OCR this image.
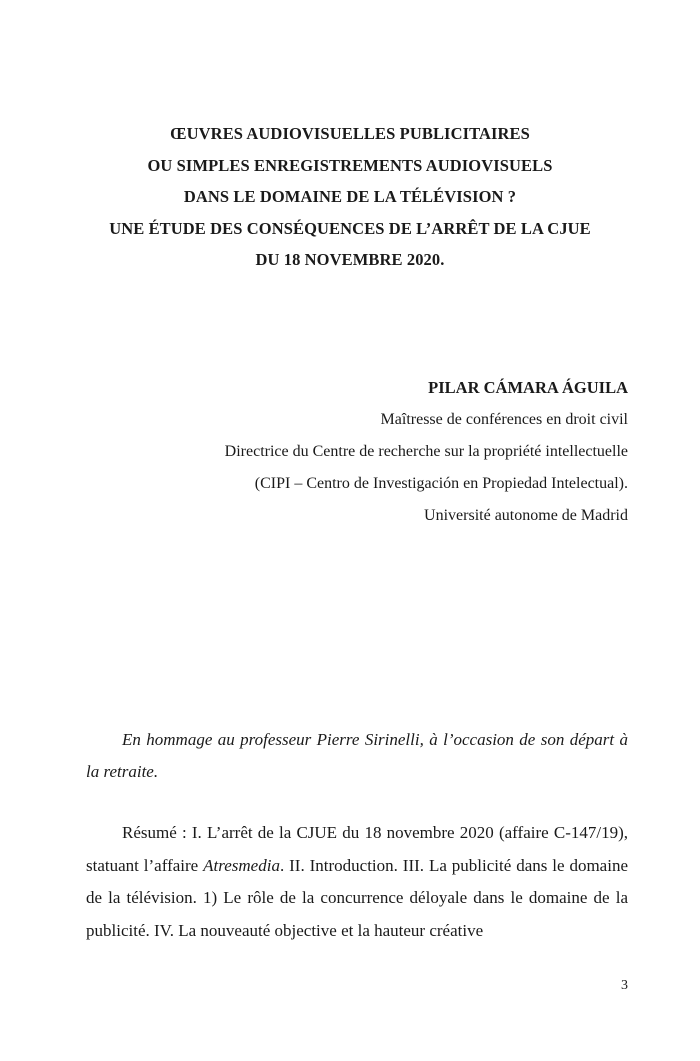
ŒUVRES AUDIOVISUELLES PUBLICITAIRES
OU SIMPLES ENREGISTREMENTS AUDIOVISUELS
DANS LE DOMAINE DE LA TÉLÉVISION ?
UNE ÉTUDE DES CONSÉQUENCES DE L’ARRÊT DE LA CJUE
DU 18 NOVEMBRE 2020.
PILAR CÁMARA ÁGUILA
Maîtresse de conférences en droit civil
Directrice du Centre de recherche sur la propriété intellectuelle
(CIPI – Centro de Investigación en Propiedad Intelectual).
Université autonome de Madrid

En hommage au professeur Pierre Sirinelli, à l’occasion de son départ à la retraite.

Résumé : I. L’arrêt de la CJUE du 18 novembre 2020 (affaire C-147/19), statuant l’affaire Atresmedia. II. Introduction. III. La publicité dans le domaine de la télévision. 1) Le rôle de la concurrence déloyale dans le domaine de la publicité. IV. La nouveauté objective et la hauteur créative

3
